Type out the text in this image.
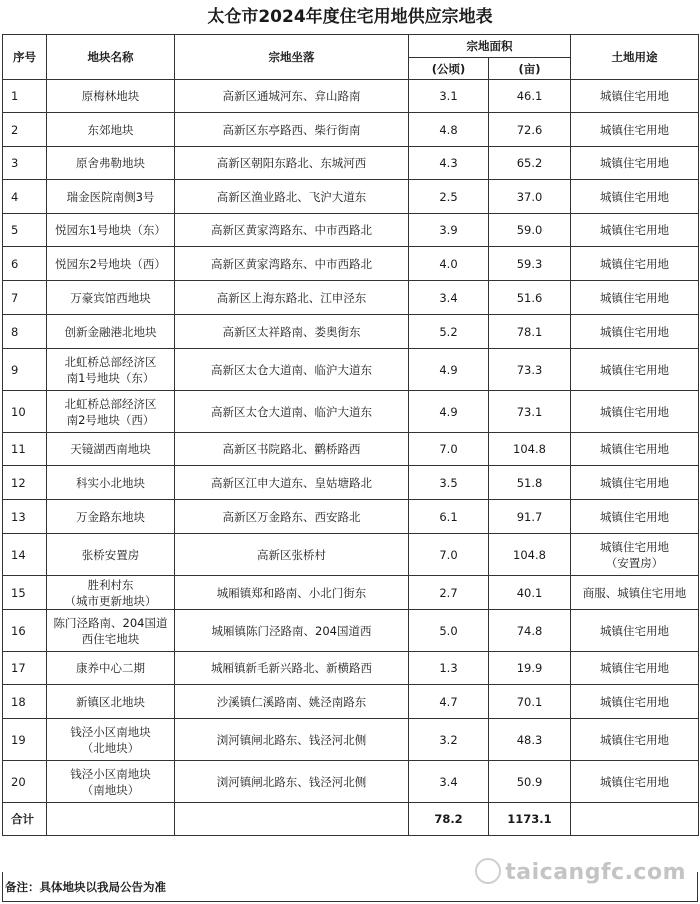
太仓市2024年度住宅用地供应宗地表
序号	地块名称	宗地坐落	宗地面积		土地用途
			(公顷)	(亩)	
1	原梅林地块	高新区通城河东、弇山路南	3.1	46.1	城镇住宅用地
2	东郊地块	高新区东亭路西、柴行街南	4.8	72.6	城镇住宅用地
3	原舍弗勒地块	高新区朝阳东路北、东城河西	4.3	65.2	城镇住宅用地
4	瑞金医院南侧3号	高新区渔业路北、飞沪大道东	2.5	37.0	城镇住宅用地
5	悦园东1号地块（东）	高新区黄家湾路东、中市西路北	3.9	59.0	城镇住宅用地
6	悦园东2号地块（西）	高新区黄家湾路东、中市西路北	4.0	59.3	城镇住宅用地
7	万豪宾馆西地块	高新区上海东路北、江申泾东	3.4	51.6	城镇住宅用地
8	创新金融港北地块	高新区太祥路南、娄奥街东	5.2	78.1	城镇住宅用地
9	北虹桥总部经济区
南1号地块（东）	高新区太仓大道南、临沪大道东	4.9	73.3	城镇住宅用地
10	北虹桥总部经济区
南2号地块（西）	高新区太仓大道南、临沪大道东	4.9	73.1	城镇住宅用地
11	天镜湖西南地块	高新区书院路北、鹳桥路西	7.0	104.8	城镇住宅用地
12	科实小北地块	高新区江申大道东、皇姑塘路北	3.5	51.8	城镇住宅用地
13	万金路东地块	高新区万金路东、西安路北	6.1	91.7	城镇住宅用地
14	张桥安置房	高新区张桥村	7.0	104.8	城镇住宅用地
（安置房）
15	胜利村东
（城市更新地块）	城厢镇郑和路南、小北门街东	2.7	40.1	商服、城镇住宅用地
16	陈门泾路南、204国道
西住宅地块	城厢镇陈门泾路南、204国道西	5.0	74.8	城镇住宅用地
17	康养中心二期	城厢镇新毛新兴路北、新横路西	1.3	19.9	城镇住宅用地
18	新镇区北地块	沙溪镇仁溪路南、姚泾南路东	4.7	70.1	城镇住宅用地
19	钱泾小区南地块
（北地块）	浏河镇闸北路东、钱泾河北侧	3.2	48.3	城镇住宅用地
20	钱泾小区南地块
（南地块）	浏河镇闸北路东、钱泾河北侧	3.4	50.9	城镇住宅用地
合计			78.2	1173.1	
备注：具体地块以我局公告为准
taicangfc.com
